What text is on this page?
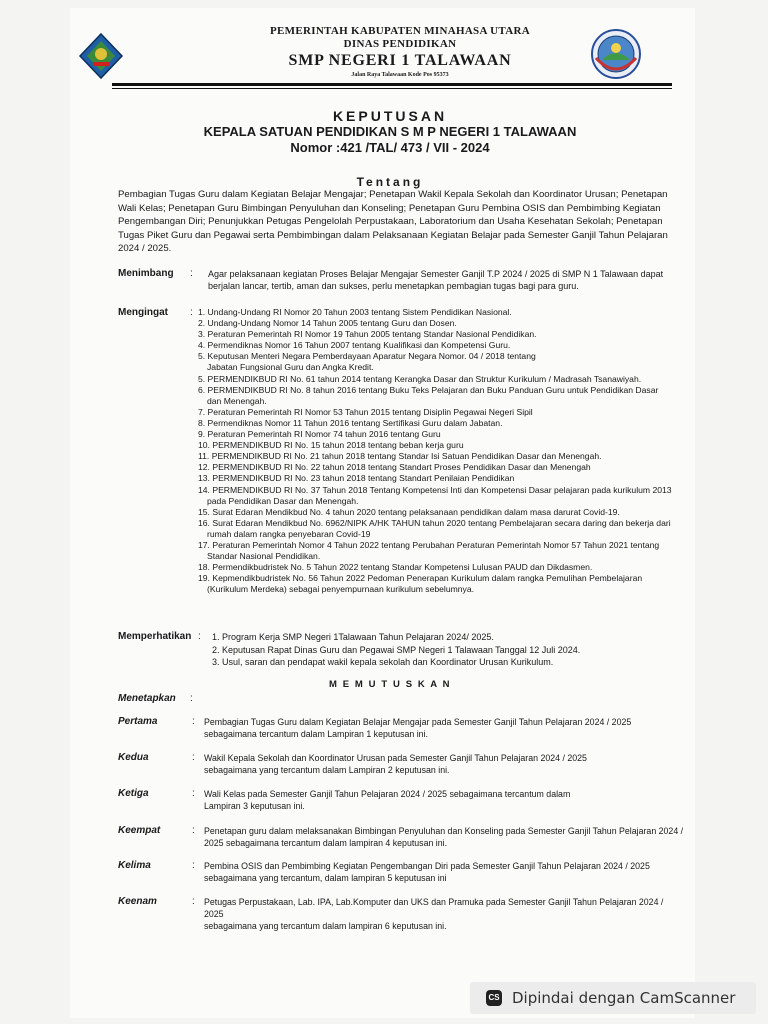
PEMERINTAH KABUPATEN MINAHASA UTARA
DINAS PENDIDIKAN
SMP NEGERI 1 TALAWAAN
Jalan Raya Talawaan Kode Pos 95373
KEPUTUSAN
KEPALA SATUAN PENDIDIKAN S M P NEGERI 1 TALAWAAN
Nomor :421 /TAL/ 473 / VII - 2024
Tentang
Pembagian Tugas Guru dalam Kegiatan Belajar Mengajar; Penetapan Wakil Kepala Sekolah dan Koordinator Urusan; Penetapan Wali Kelas; Penetapan Guru Bimbingan Penyuluhan dan Konseling; Penetapan Guru Pembina OSIS dan Pembimbing Kegiatan Pengembangan Diri; Penunjukkan Petugas Pengelolah Perpustakaan, Laboratorium dan Usaha Kesehatan Sekolah; Penetapan Tugas Piket Guru dan Pegawai serta Pembimbingan dalam Pelaksanaan Kegiatan Belajar pada Semester Ganjil Tahun Pelajaran 2024 / 2025.
Menimbang : Agar pelaksanaan kegiatan Proses Belajar Mengajar Semester Ganjil T.P 2024 / 2025 di SMP N 1 Talawaan dapat berjalan lancar, tertib, aman dan sukses, perlu menetapkan pembagian tugas bagi para guru.
Mengingat : 1. Undang-Undang RI Nomor 20 Tahun 2003 tentang Sistem Pendidikan Nasional.
2. Undang-Undang Nomor 14 Tahun 2005 tentang Guru dan Dosen.
3. Peraturan Pemerintah RI Nomor 19 Tahun 2005 tentang Standar Nasional Pendidikan.
4. Permendiknas Nomor 16 Tahun 2007 tentang Kualifikasi dan Kompetensi Guru.
5. Keputusan Menteri Negara Pemberdayaan Aparatur Negara Nomor. 04 / 2018 tentang
Jabatan Fungsional Guru dan Angka Kredit.
5. PERMENDIKBUD RI No. 61 tahun 2014 tentang Kerangka Dasar dan Struktur Kurikulum / Madrasah Tsanawiyah.
6. PERMENDIKBUD RI No. 8 tahun 2016 tentang Buku Teks Pelajaran dan Buku Panduan Guru untuk Pendidikan Dasar
dan Menengah.
7. Peraturan Pemerintah RI Nomor 53 Tahun 2015 tentang Disiplin Pegawai Negeri Sipil
8. Permendiknas Nomor 11 Tahun 2016 tentang Sertifikasi Guru dalam Jabatan.
9. Peraturan Pemerintah RI Nomor 74 tahun 2016 tentang Guru
10. PERMENDIKBUD RI No. 15 tahun 2018 tentang beban kerja guru
11. PERMENDIKBUD RI No. 21 tahun 2018 tentang Standar Isi Satuan Pendidikan Dasar dan Menengah.
12. PERMENDIKBUD RI No. 22 tahun 2018 tentang Standart Proses Pendidikan Dasar dan Menengah
13. PERMENDIKBUD RI No. 23 tahun 2018 tentang Standart Penilaian Pendidikan
14. PERMENDIKBUD RI No. 37 Tahun 2018 Tentang Kompetensi Inti dan Kompetensi Dasar pelajaran pada kurikulum 2013
pada Pendidikan Dasar dan Menengah.
15. Surat Edaran Mendikbud No. 4 tahun 2020 tentang pelaksanaan pendidikan dalam masa darurat Covid-19.
16. Surat Edaran Mendikbud No. 6962/NIPK A/HK TAHUN tahun 2020 tentang Pembelajaran secara daring dan bekerja dari
rumah dalam rangka penyebaran Covid-19
17. Peraturan Pemerintah Nomor 4 Tahun 2022 tentang Perubahan Peraturan Pemerintah Nomor 57 Tahun 2021 tentang
Standar Nasional Pendidikan.
18. Permendikbudristek No. 5 Tahun 2022 tentang Standar Kompetensi Lulusan PAUD dan Dikdasmen.
19. Kepmendikbudristek No. 56 Tahun 2022 Pedoman Penerapan Kurikulum dalam rangka Pemulihan Pembelajaran
(Kurikulum Merdeka) sebagai penyempurnaan kurikulum sebelumnya.
Memperhatikan : 1. Program Kerja SMP Negeri 1Talawaan Tahun Pelajaran 2024/ 2025.
2. Keputusan Rapat Dinas Guru dan Pegawai SMP Negeri 1 Talawaan Tanggal 12 Juli 2024.
3. Usul, saran dan pendapat wakil kepala sekolah dan Koordinator Urusan Kurikulum.
M E M U T U S K A N
Menetapkan :
Pertama	: Pembagian Tugas Guru dalam Kegiatan Belajar Mengajar pada Semester Ganjil Tahun Pelajaran 2024 / 2025
sebagaimana tercantum dalam Lampiran 1 keputusan ini.
Kedua	: Wakil Kepala Sekolah dan Koordinator Urusan pada Semester Ganjil Tahun Pelajaran 2024 / 2025
sebagaimana yang tercantum dalam Lampiran 2 keputusan ini.
Ketiga	: Wali Kelas pada Semester Ganjil Tahun Pelajaran 2024 / 2025 sebagaimana tercantum dalam
Lampiran 3 keputusan ini.
Keempat	: Penetapan guru dalam melaksanakan Bimbingan Penyuluhan dan Konseling pada Semester Ganjil Tahun Pelajaran 2024 /
2025 sebagaimana tercantum dalam lampiran 4 keputusan ini.
Kelima	: Pembina OSIS dan Pembimbing Kegiatan Pengembangan Diri pada Semester Ganjil Tahun Pelajaran 2024 / 2025
sebagaimana yang tercantum, dalam lampiran 5 keputusan ini
Keenam	: Petugas Perpustakaan, Lab. IPA, Lab.Komputer dan UKS dan Pramuka pada Semester Ganjil Tahun Pelajaran 2024 / 2025
sebagaimana yang tercantum dalam lampiran 6 keputusan ini.
CS Dipindai dengan CamScanner
